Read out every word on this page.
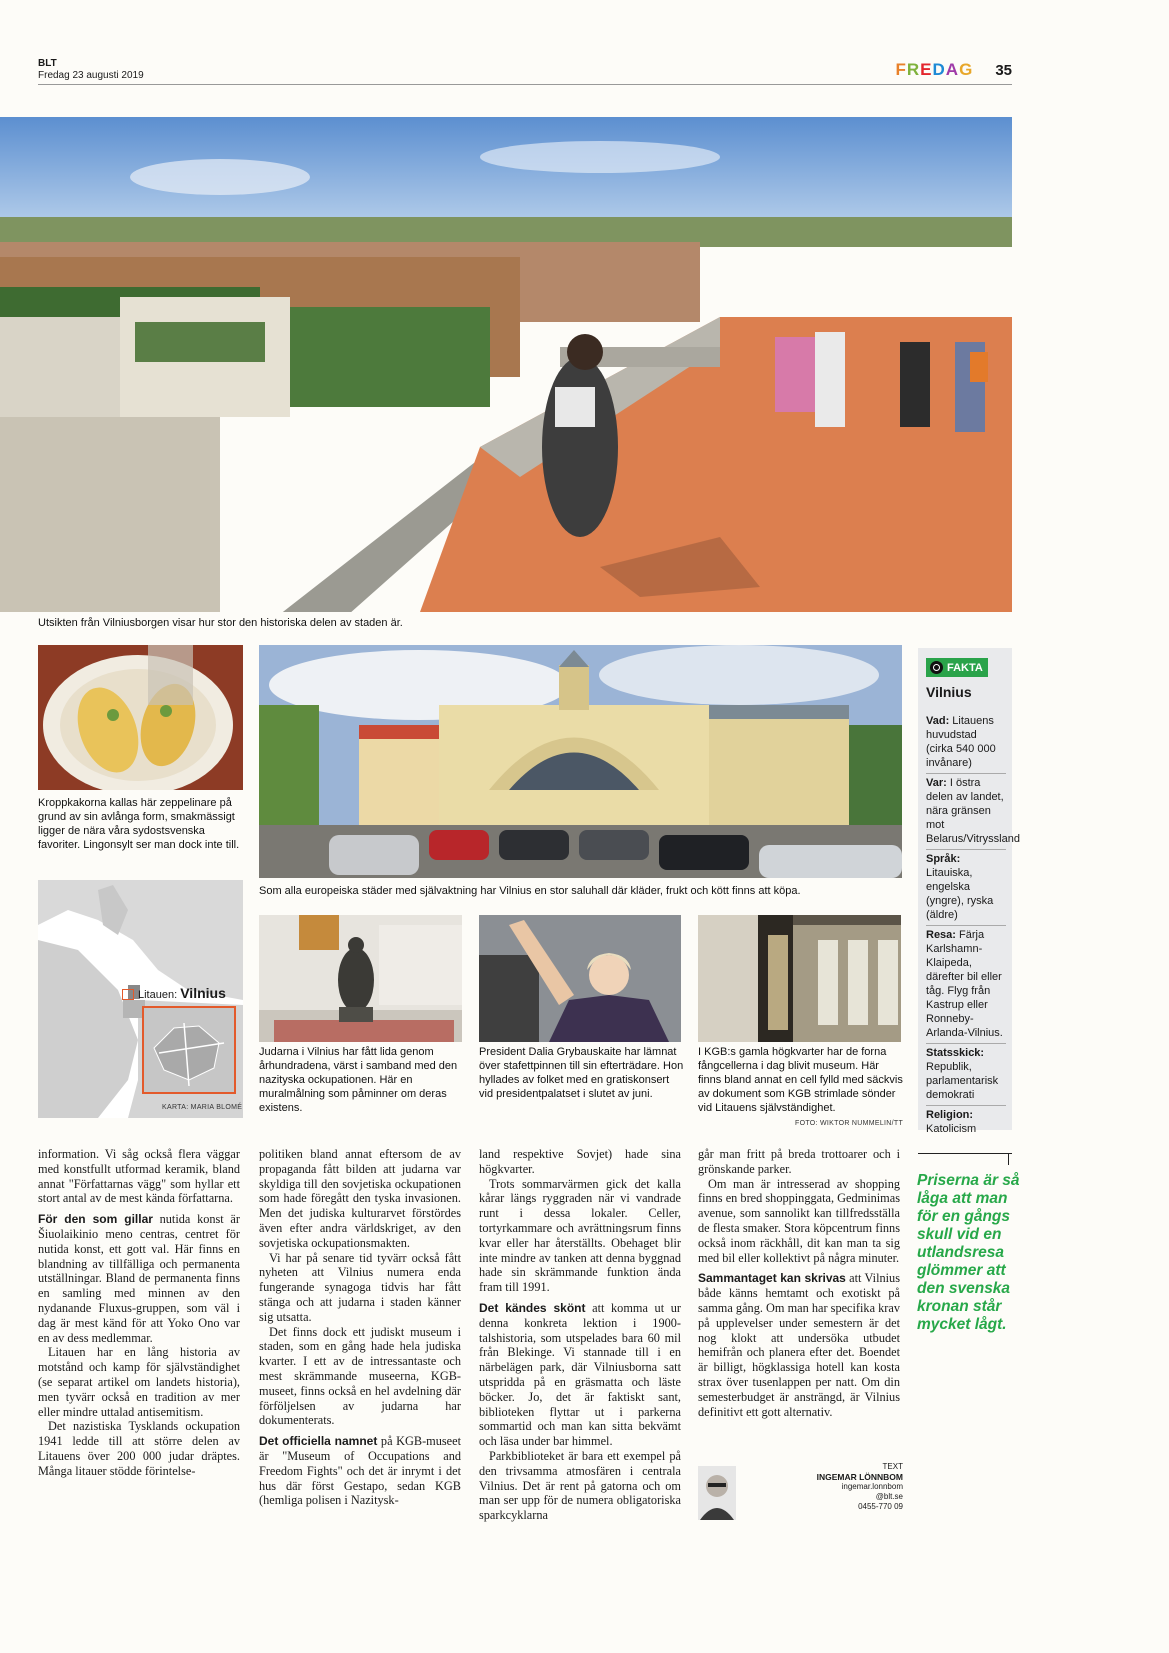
BLT
Fredag 23 augusti 2019	FREDAG 35
Utsikten från Vilniusborgen visar hur stor den historiska delen av staden är.
Kroppkakorna kallas här zeppelinare på grund av sin avlånga form, smakmässigt ligger de nära våra sydostsvenska favoriter. Lingonsylt ser man dock inte till.
Som alla europeiska städer med självaktning har Vilnius en stor saluhall där kläder, frukt och kött finns att köpa.
Litauen: Vilnius
KARTA: MARIA BLOMÉ
Judarna i Vilnius har fått lida genom århundradena, värst i samband med den nazityska ockupationen. Här en muralmålning som påminner om deras existens.
President Dalia Grybauskaite har lämnat över stafettpinnen till sin efterträdare. Hon hyllades av folket med en gratiskonsert vid presidentpalatset i slutet av juni.
I KGB:s gamla högkvarter har de forna fångcellerna i dag blivit museum. Här finns bland annat en cell fylld med säckvis av dokument som KGB strimlade sönder vid Litauens självständighet.
FOTO: WIKTOR NUMMELIN/TT
FAKTA
Vilnius
Vad: Litauens huvudstad (cirka 540 000 invånare)
Var: I östra delen av landet, nära gränsen mot Belarus/Vitryssland
Språk: Litauiska, engelska (yngre), ryska (äldre)
Resa: Färja Karlshamn-Klaipeda, därefter bil eller tåg. Flyg från Kastrup eller Ronneby-Arlanda-Vilnius.
Statsskick: Republik, parlamentarisk demokrati
Religion: Katolicism

information. Vi såg också flera väggar med konstfullt utformad keramik, bland annat "Författarnas vägg" som hyllar ett stort antal av de mest kända författarna.

För den som gillar nutida konst är Šiuolaikinio meno centras, centret för nutida konst, ett gott val. Här finns en blandning av tillfälliga och permanenta utställningar. Bland de permanenta finns en samling med minnen av den nydanande Fluxus-gruppen, som väl i dag är mest känd för att Yoko Ono var en av dess medlemmar.

Litauen har en lång historia av motstånd och kamp för självständighet (se separat artikel om landets historia), men tyvärr också en tradition av mer eller mindre uttalad antisemitism.

Det nazistiska Tysklands ockupation 1941 ledde till att större delen av Litauens över 200 000 judar dräptes. Många litauer stödde förintelse-

politiken bland annat eftersom de av propaganda fått bilden att judarna var skyldiga till den sovjetiska ockupationen som hade föregått den tyska invasionen. Men det judiska kulturarvet förstördes även efter andra världskriget, av den sovjetiska ockupationsmakten.

Vi har på senare tid tyvärr också fått nyheten att Vilnius numera enda fungerande synagoga tidvis har fått stänga och att judarna i staden känner sig utsatta.

Det finns dock ett judiskt museum i staden, som en gång hade hela judiska kvarter. I ett av de intressantaste och mest skrämmande museerna, KGB-museet, finns också en hel avdelning där förföljelsen av judarna har dokumenterats.

Det officiella namnet på KGB-museet är "Museum of Occupations and Freedom Fights" och det är inrymt i det hus där först Gestapo, sedan KGB (hemliga polisen i Nazitysk-

land respektive Sovjet) hade sina högkvarter.

Trots sommarvärmen gick det kalla kårar längs ryggraden när vi vandrade runt i dessa lokaler. Celler, tortyrkammare och avrättningsrum finns kvar eller har återställts. Obehaget blir inte mindre av tanken att denna byggnad hade sin skrämmande funktion ända fram till 1991.

Det kändes skönt att komma ut ur denna konkreta lektion i 1900-talshistoria, som utspelades bara 60 mil från Blekinge. Vi stannade till i en närbelägen park, där Vilniusborna satt utspridda på en gräsmatta och läste böcker. Jo, det är faktiskt sant, biblioteken flyttar ut i parkerna sommartid och man kan sitta bekvämt och läsa under bar himmel.

Parkbiblioteket är bara ett exempel på den trivsamma atmosfären i centrala Vilnius. Det är rent på gatorna och om man ser upp för de numera obligatoriska sparkcyklarna

går man fritt på breda trottoarer och i grönskande parker.

Om man är intresserad av shopping finns en bred shoppinggata, Gedminimas avenue, som sannolikt kan tillfredsställa de flesta smaker. Stora köpcentrum finns också inom räckhåll, dit kan man ta sig med bil eller kollektivt på några minuter.

Sammantaget kan skrivas att Vilnius både känns hemtamt och exotiskt på samma gång. Om man har specifika krav på upplevelser under semestern är det nog klokt att undersöka utbudet hemifrån och planera efter det. Boendet är billigt, högklassiga hotell kan kosta strax över tusenlappen per natt. Om din semesterbudget är ansträngd, är Vilnius definitivt ett gott alternativ.

Priserna är så låga att man för en gångs skull vid en utlandsresa glömmer att den svenska kronan står mycket lågt.
TEXT
INGEMAR LÖNNBOM
ingemar.lonnbom
@blt.se
0455-770 09
